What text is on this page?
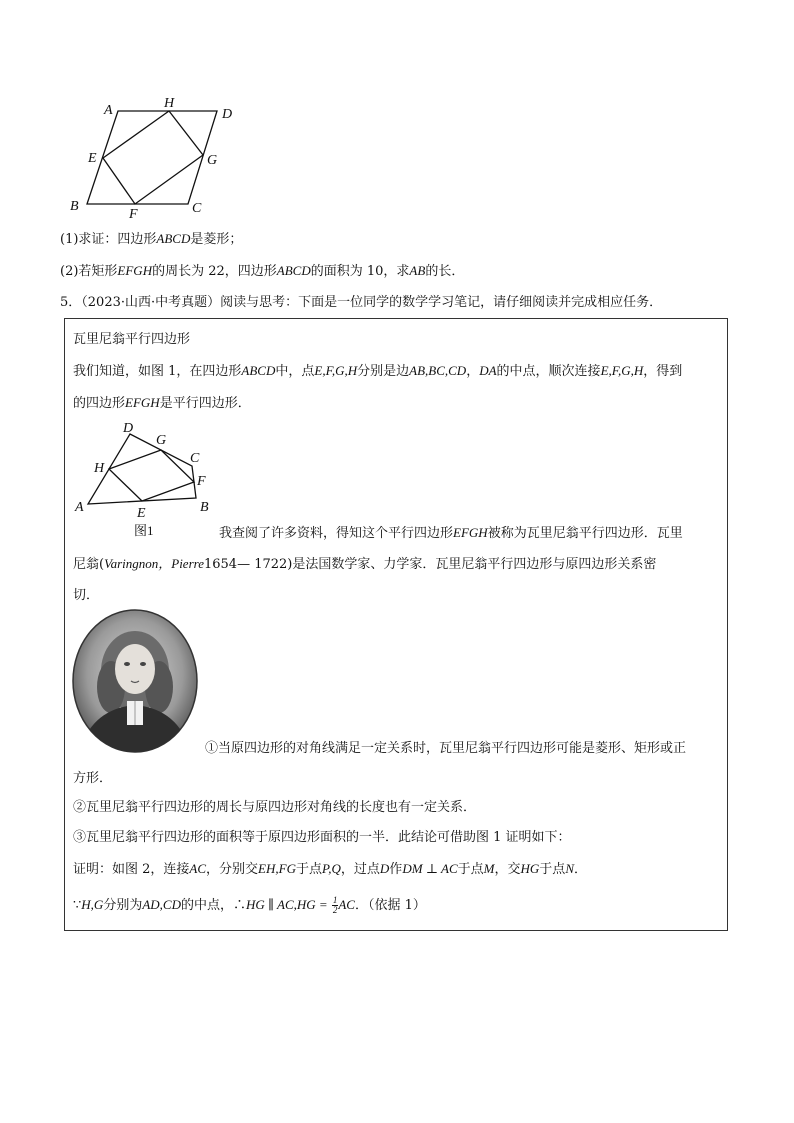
A	H
D
E	G
B
F	C
(1)求证：四边形ABCD是菱形；
(2)若矩形EFGH的周长为 22，四边形ABCD的面积为 10，求AB的长．
5．（2023·山西·中考真题）阅读与思考：下面是一位同学的数学学习笔记，请仔细阅读并完成相应任务．
瓦里尼翁平行四边形
我们知道，如图 1，在四边形ABCD中，点E,F,G,H分别是边AB,BC,CD，DA的中点，顺次连接E,F,G,H，得到
的四边形EFGH是平行四边形．
D
G
C
H
F
A	E	B
图1	我查阅了许多资料，得知这个平行四边形EFGH被称为瓦里尼翁平行四边形．瓦里
尼翁(Varingnon，Pierre1654— 1722)是法国数学家、力学家．瓦里尼翁平行四边形与原四边形关系密
切．
①当原四边形的对角线满足一定关系时，瓦里尼翁平行四边形可能是菱形、矩形或正
方形．
②瓦里尼翁平行四边形的周长与原四边形对角线的长度也有一定关系．
③瓦里尼翁平行四边形的面积等于原四边形面积的一半．此结论可借助图 1 证明如下：
证明：如图 2，连接AC，分别交EH,FG于点P,Q，过点D作DM ⊥ AC于点M，交HG于点N．
∵H,G分别为AD,CD的中点，∴HG ∥ $AC,HG = \frac{1}{2}$ AC．（依据 1）
